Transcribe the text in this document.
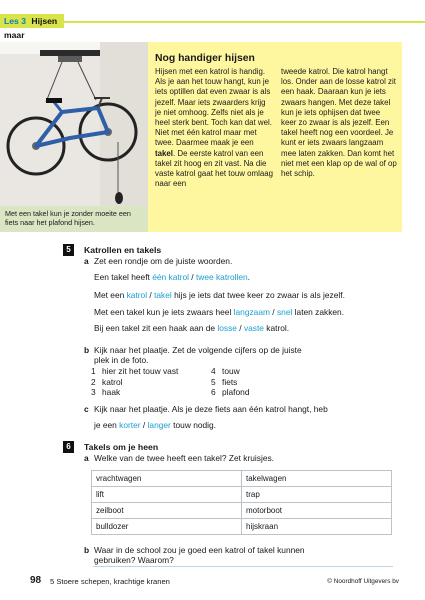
Les 3 Hijsen maar
Met een takel kun je zonder moeite een fiets naar het plafond hijsen.
Nog handiger hijsen
Hijsen met een katrol is handig. Als je aan het touw hangt, kun je iets optillen dat even zwaar is als jezelf. Maar iets zwaarders krijg je niet omhoog. Zelfs niet als je heel sterk bent. Toch kan dat wel. Niet met één katrol maar met twee. Daarmee maak je een takel. De eerste katrol van een takel zit hoog en zit vast. Na die vaste katrol gaat het touw omlaag naar een
tweede katrol. Die katrol hangt los. Onder aan de losse katrol zit een haak. Daaraan kun je iets zwaars hangen. Met deze takel kun je iets ophijsen dat twee keer zo zwaar is als jezelf. Een takel heeft nog een voordeel. Je kunt er iets zwaars langzaam mee laten zakken. Dan komt het niet met een klap op de wal of op het schip.
5	Katrollen en takels
a Zet een rondje om de juiste woorden.
Een takel heeft één katrol / twee katrollen.
Met een katrol / takel hijs je iets dat twee keer zo zwaar is als jezelf.
Met een takel kun je iets zwaars heel langzaam / snel laten zakken.
Bij een takel zit een haak aan de losse / vaste katrol.
b Kijk naar het plaatje. Zet de volgende cijfers op de juiste
plek in de foto.
1 hier zit het touw vast	4 touw
2 katrol	5 fiets
3 haak	6 plafond
c Kijk naar het plaatje. Als je deze fiets aan één katrol hangt, heb
je een korter / langer touw nodig.
6	Takels om je heen
a Welke van de twee heeft een takel? Zet kruisjes.
vrachtwagen	takelwagen
lift	trap
zeilboot	motorboot
bulldozer	hijskraan
b Waar in de school zou je goed een katrol of takel kunnen
gebruiken? Waarom?
98 5 Stoere schepen, krachtige kranen	© Noordhoff Uitgevers bv
